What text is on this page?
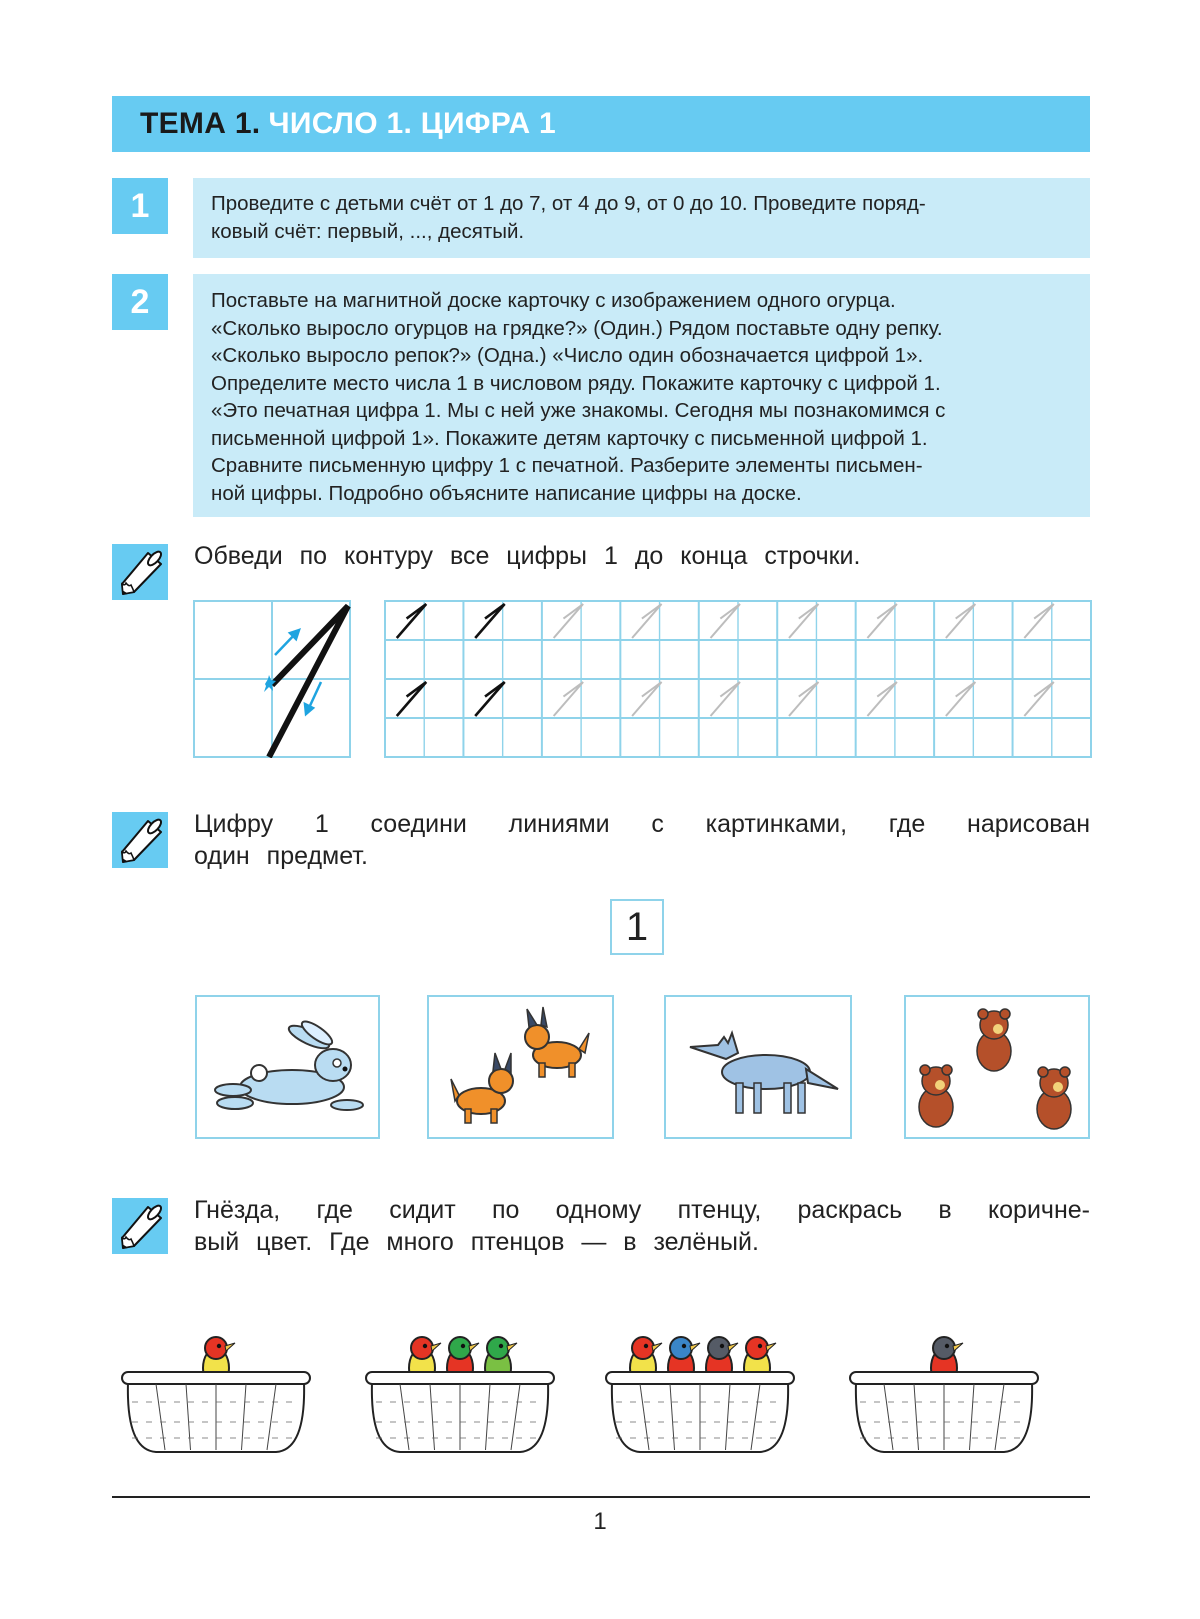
ТЕМА 1. ЧИСЛО 1. ЦИФРА 1
1	Проведите с детьми счёт от 1 до 7, от 4 до 9, от 0 до 10. Проведите поряд-
ковый счёт: первый, ..., десятый.
2	Поставьте на магнитной доске карточку с изображением одного огурца.
«Сколько выросло огурцов на грядке?» (Один.) Рядом поставьте одну репку.
«Сколько выросло репок?» (Одна.) «Число один обозначается цифрой 1».
Определите место числа 1 в числовом ряду. Покажите карточку с цифрой 1.
«Это печатная цифра 1. Мы с ней уже знакомы. Сегодня мы познакомимся с
письменной цифрой 1». Покажите детям карточку с письменной цифрой 1.
Сравните письменную цифру 1 с печатной. Разберите элементы письмен-
ной цифры. Подробно объясните написание цифры на доске.
Обведи по контуру все цифры 1 до конца строчки.
Цифру 1 соедини линиями с картинками, где нарисован
один предмет.
1
Гнёзда, где сидит по одному птенцу, раскрась в коричне-
вый цвет. Где много птенцов — в зелёный.
1
